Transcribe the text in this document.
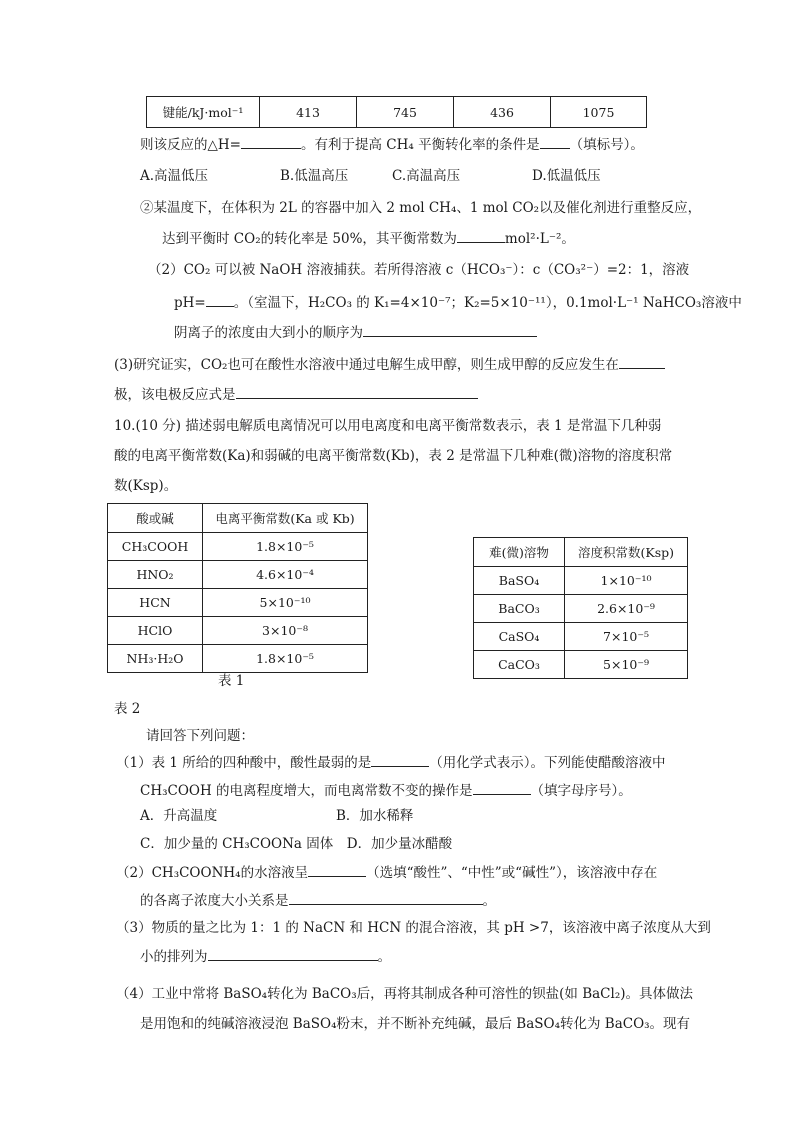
键能/kJ·mol⁻¹	413	745	436	1075
则该反应的△H=	。有利于提高 CH₄ 平衡转化率的条件是 （填标号）。
A.高温低压	B.低温高压	C.高温高压	D.低温低压
②某温度下，在体积为 2L 的容器中加入 2 mol CH₄、1 mol CO₂以及催化剂进行重整反应，
达到平衡时 CO₂的转化率是 50%，其平衡常数为	mol²·L⁻²。
（2）CO₂ 可以被 NaOH 溶液捕获。若所得溶液 c（HCO₃⁻）：c（CO₃²⁻）=2：1，溶液
pH= 。（室温下，H₂CO₃ 的 K₁=4×10⁻⁷；K₂=5×10⁻¹¹），0.1mol·L⁻¹ NaHCO₃溶液中
阴离子的浓度由大到小的顺序为
(3)研究证实，CO₂也可在酸性水溶液中通过电解生成甲醇，则生成甲醇的反应发生在
极，该电极反应式是
10.(10 分) 描述弱电解质电离情况可以用电离度和电离平衡常数表示，表 1 是常温下几种弱
酸的电离平衡常数(Ka)和弱碱的电离平衡常数(Kb)，表 2 是常温下几种难(微)溶物的溶度积常
数(Ksp)。
酸或碱	电离平衡常数(Ka 或 Kb)
CH₃COOH	1.8×10⁻⁵
HNO₂	4.6×10⁻⁴
HCN	5×10⁻¹⁰
HClO	3×10⁻⁸
NH₃·H₂O	1.8×10⁻⁵
表 1
难(微)溶物	溶度积常数(Ksp)
BaSO₄	1×10⁻¹⁰
BaCO₃	2.6×10⁻⁹
CaSO₄	7×10⁻⁵
CaCO₃	5×10⁻⁹
表 2
请回答下列问题：
（1）表 1 所给的四种酸中，酸性最弱的是	（用化学式表示）。下列能使醋酸溶液中
CH₃COOH 的电离程度增大，而电离常数不变的操作是	（填字母序号）。
A．升高温度	B．加水稀释
C．加少量的 CH₃COONa 固体　D．加少量冰醋酸
（2）CH₃COONH₄的水溶液呈	（选填“酸性”、“中性”或“碱性”），该溶液中存在
的各离子浓度大小关系是	。
（3）物质的量之比为 1：1 的 NaCN 和 HCN 的混合溶液，其 pH >7，该溶液中离子浓度从大到
小的排列为	。
（4）工业中常将 BaSO₄转化为 BaCO₃后，再将其制成各种可溶性的钡盐(如 BaCl₂)。具体做法
是用饱和的纯碱溶液浸泡 BaSO₄粉末，并不断补充纯碱，最后 BaSO₄转化为 BaCO₃。现有
